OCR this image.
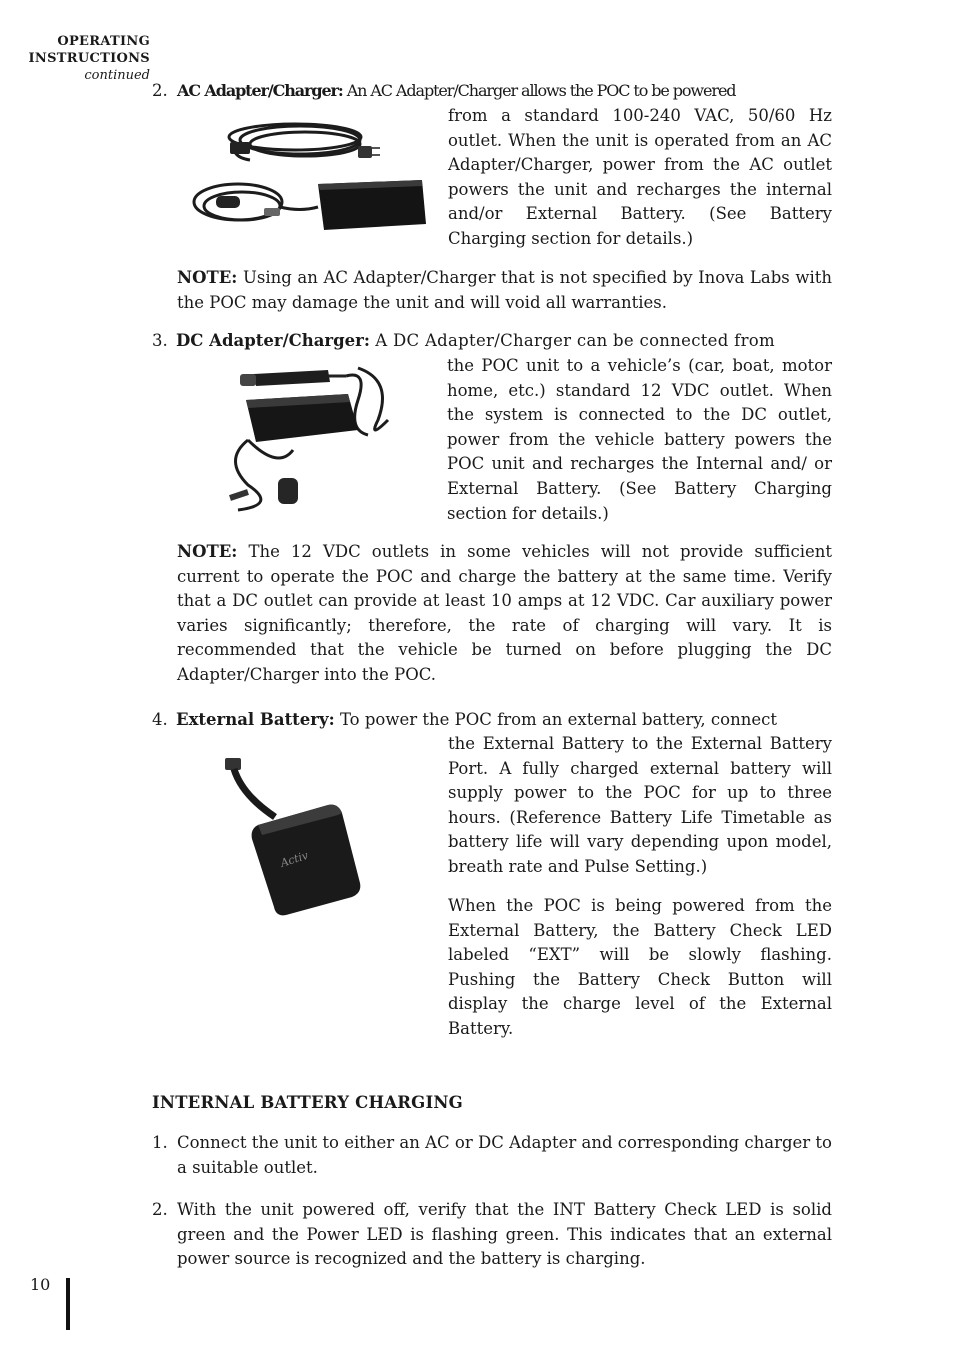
OPERATING
INSTRUCTIONS
continued
2. AC Adapter/Charger: An AC Adapter/Charger allows the POC to be powered
from a standard 100-240 VAC, 50/60 Hz outlet. When the unit is operated from an AC Adapter/Charger, power from the AC outlet powers the unit and recharges the internal and/or External Battery. (See Battery Charging section for details.)
NOTE: Using an AC Adapter/Charger that is not specified by Inova Labs with the POC may damage the unit and will void all warranties.
3. DC Adapter/Charger: A DC Adapter/Charger can be connected from
the POC unit to a vehicle’s (car, boat, motor home, etc.) standard 12 VDC outlet. When the system is connected to the DC outlet, power from the vehicle battery powers the POC unit and recharges the Internal and/ or External Battery. (See Battery Charging section for details.)
NOTE: The 12 VDC outlets in some vehicles will not provide sufficient current to operate the POC and charge the battery at the same time. Verify that a DC outlet can provide at least 10 amps at 12 VDC. Car auxiliary power varies significantly; therefore, the rate of charging will vary. It is recommended that the vehicle be turned on before plugging the DC Adapter/Charger into the POC.
4. External Battery: To power the POC from an external battery, connect
Activ
the External Battery to the External Battery Port. A fully charged external battery will supply power to the POC for up to three hours. (Reference Battery Life Timetable as battery life will vary depending upon model, breath rate and Pulse Setting.)
When the POC is being powered from the External Battery, the Battery Check LED labeled “EXT” will be slowly flashing. Pushing the Battery Check Button will display the charge level of the External Battery.
INTERNAL BATTERY CHARGING
1. Connect the unit to either an AC or DC Adapter and corresponding charger to a suitable outlet.
2. With the unit powered off, verify that the INT Battery Check LED is solid green and the Power LED is flashing green. This indicates that an external power source is recognized and the battery is charging.
10
